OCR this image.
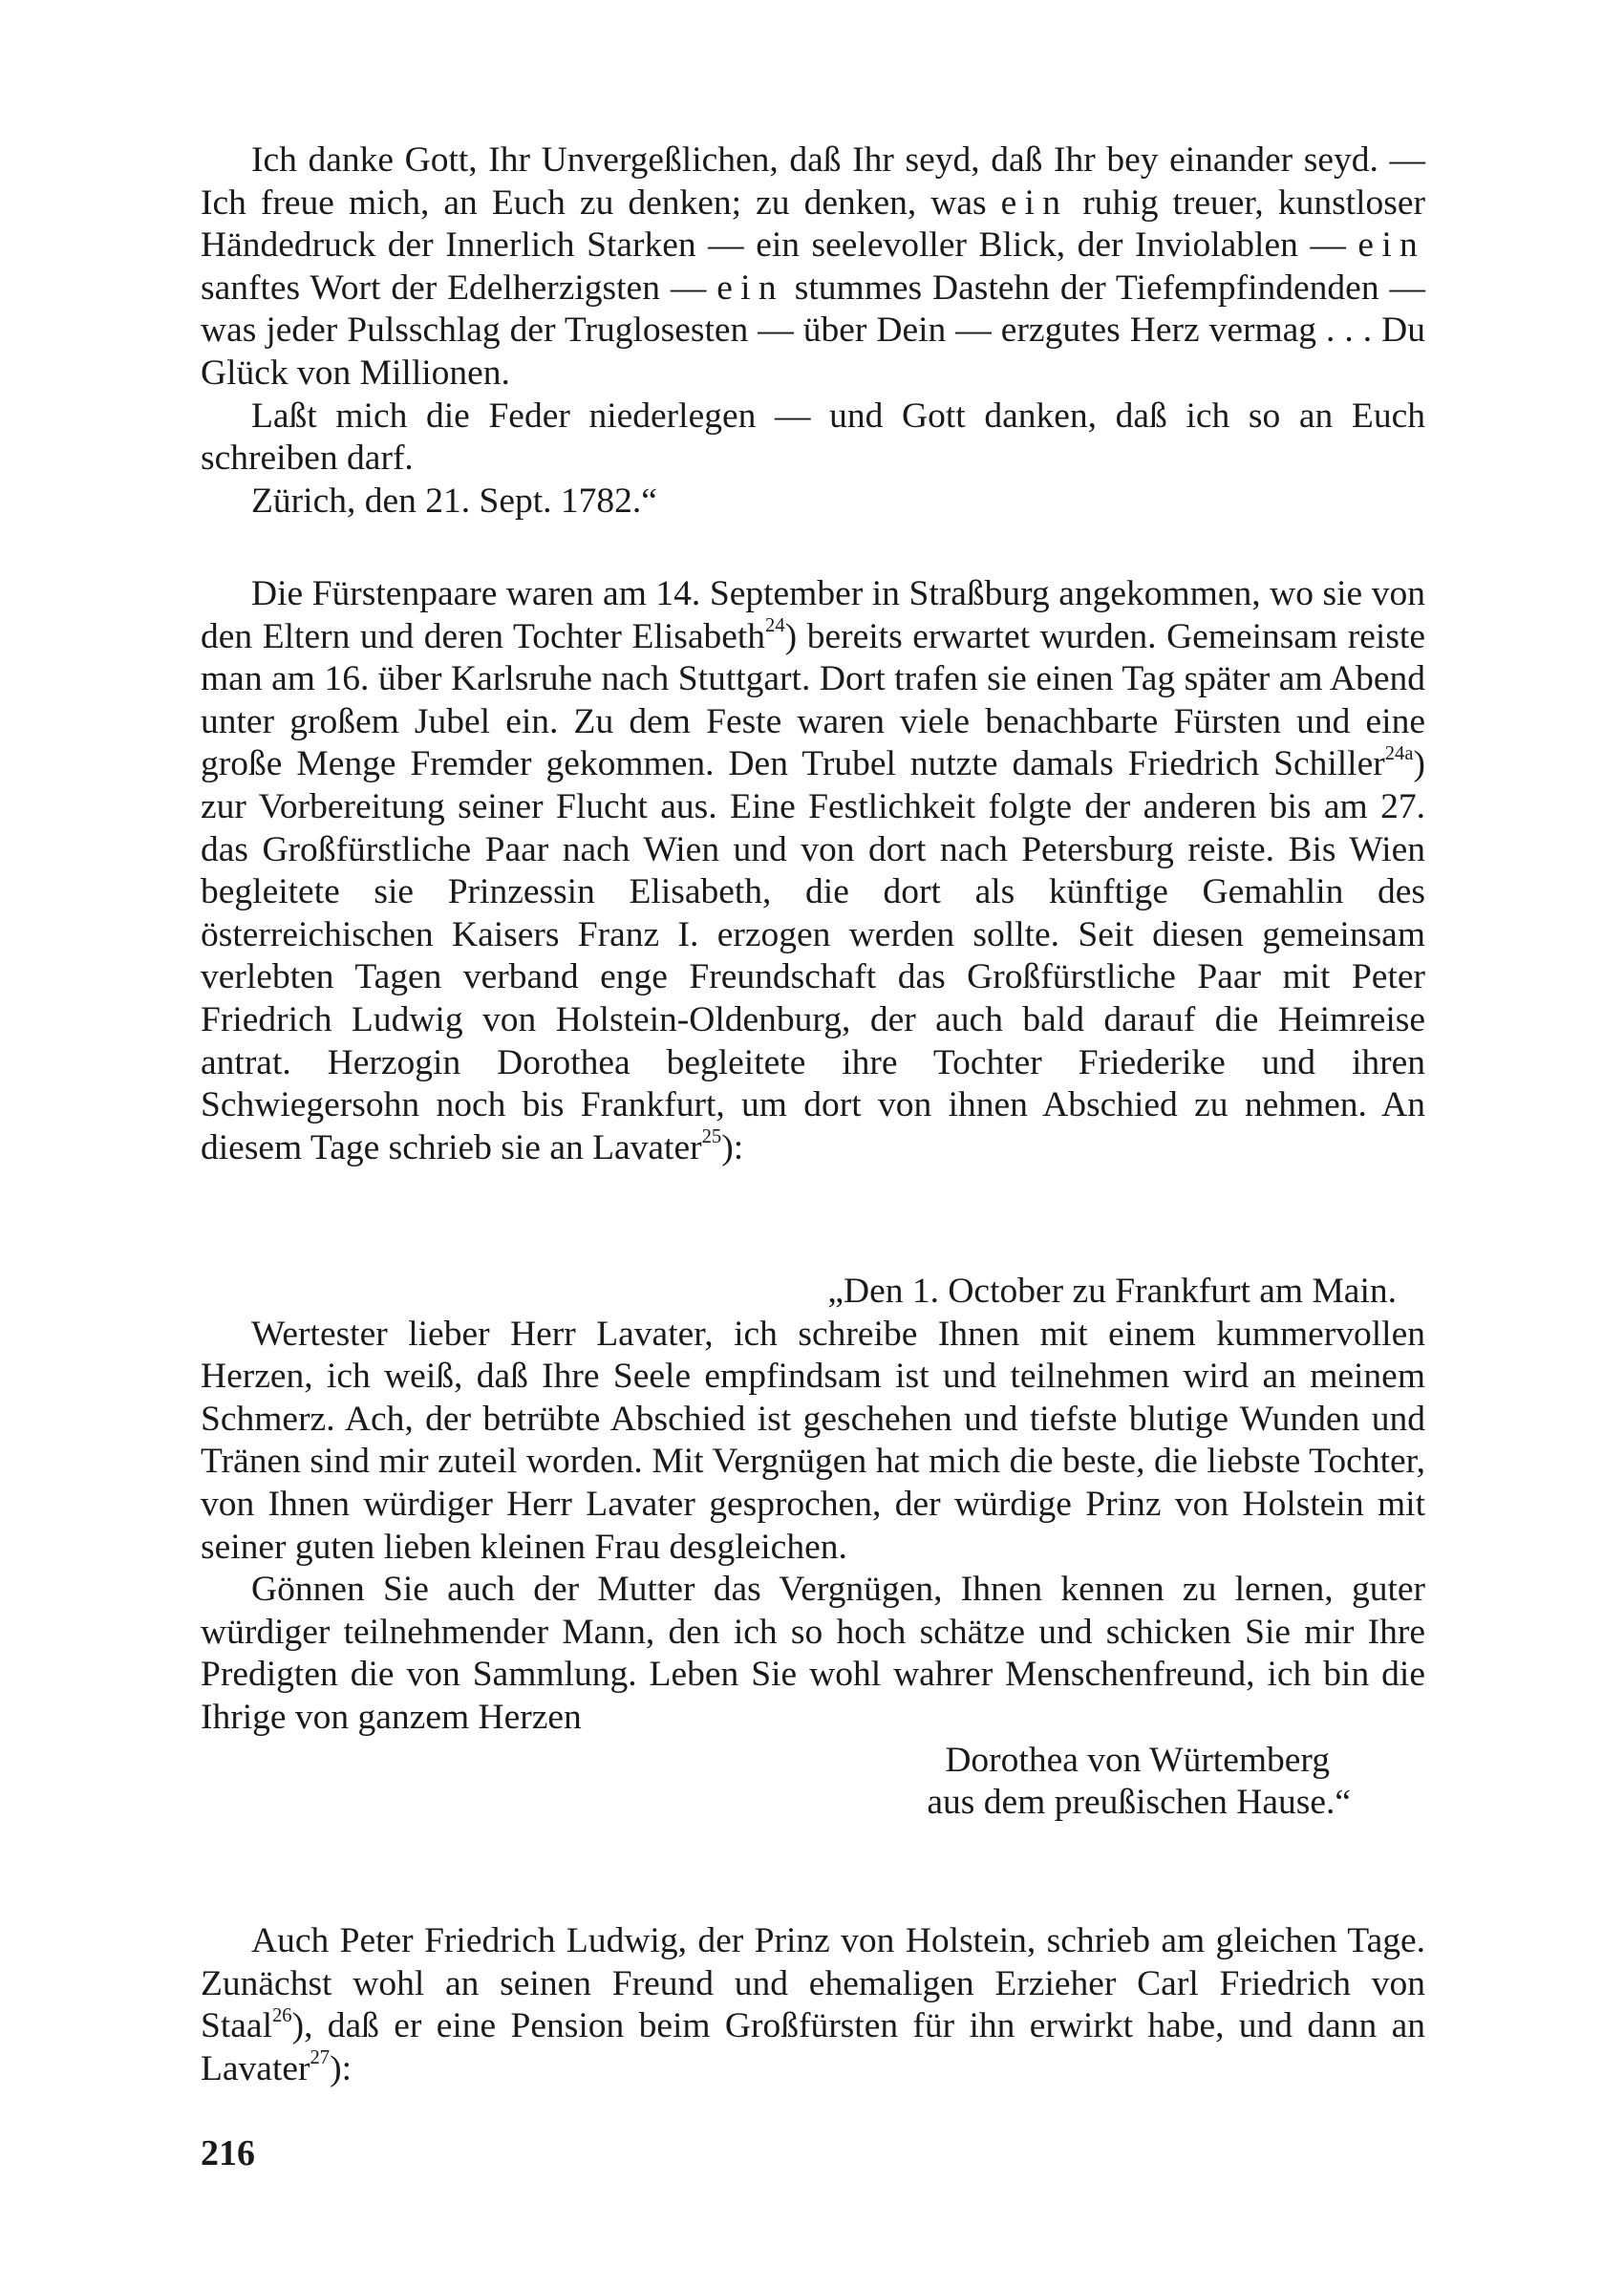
Ich danke Gott, Ihr Unvergeßlichen, daß Ihr seyd, daß Ihr bey einander seyd. — Ich freue mich, an Euch zu denken; zu denken, was ein ruhig treuer, kunstloser Händedruck der Innerlich Starken — ein seelevoller Blick, der Inviolablen — ein sanftes Wort der Edelherzigsten — ein stummes Dastehn der Tiefempfindenden — was jeder Pulsschlag der Truglosesten — über Dein — erzgutes Herz vermag . . . Du Glück von Millionen.

Laßt mich die Feder niederlegen — und Gott danken, daß ich so an Euch schreiben darf.

Zürich, den 21. Sept. 1782.“

Die Fürstenpaare waren am 14. September in Straßburg angekommen, wo sie von den Eltern und deren Tochter Elisabeth$^{24}$) bereits erwartet wurden. Gemeinsam reiste man am 16. über Karlsruhe nach Stuttgart. Dort trafen sie einen Tag später am Abend unter großem Jubel ein. Zu dem Feste waren viele benachbarte Fürsten und eine große Menge Fremder gekommen. Den Trubel nutzte damals Friedrich Schiller$^{24a}$) zur Vorbereitung seiner Flucht aus. Eine Festlichkeit folgte der anderen bis am 27. das Großfürstliche Paar nach Wien und von dort nach Petersburg reiste. Bis Wien begleitete sie Prinzessin Elisabeth, die dort als künftige Gemahlin des österreichischen Kaisers Franz I. erzogen werden sollte. Seit diesen gemeinsam verlebten Tagen verband enge Freundschaft das Großfürstliche Paar mit Peter Friedrich Ludwig von Holstein-Oldenburg, der auch bald darauf die Heimreise antrat. Herzogin Dorothea begleitete ihre Tochter Friederike und ihren Schwiegersohn noch bis Frankfurt, um dort von ihnen Abschied zu nehmen. An diesem Tage schrieb sie an Lavater$^{25}$):

„Den 1. October zu Frankfurt am Main.

Wertester lieber Herr Lavater, ich schreibe Ihnen mit einem kummervollen Herzen, ich weiß, daß Ihre Seele empfindsam ist und teilnehmen wird an meinem Schmerz. Ach, der betrübte Abschied ist geschehen und tiefste blutige Wunden und Tränen sind mir zuteil worden. Mit Vergnügen hat mich die beste, die liebste Tochter, von Ihnen würdiger Herr Lavater gesprochen, der würdige Prinz von Holstein mit seiner guten lieben kleinen Frau desgleichen.

Gönnen Sie auch der Mutter das Vergnügen, Ihnen kennen zu lernen, guter würdiger teilnehmender Mann, den ich so hoch schätze und schicken Sie mir Ihre Predigten die von Sammlung. Leben Sie wohl wahrer Menschenfreund, ich bin die Ihrige von ganzem Herzen

Dorothea von Würtemberg

aus dem preußischen Hause.“

Auch Peter Friedrich Ludwig, der Prinz von Holstein, schrieb am gleichen Tage. Zunächst wohl an seinen Freund und ehemaligen Erzieher Carl Friedrich von Staal$^{26}$), daß er eine Pension beim Großfürsten für ihn erwirkt habe, und dann an Lavater$^{27}$):

216
